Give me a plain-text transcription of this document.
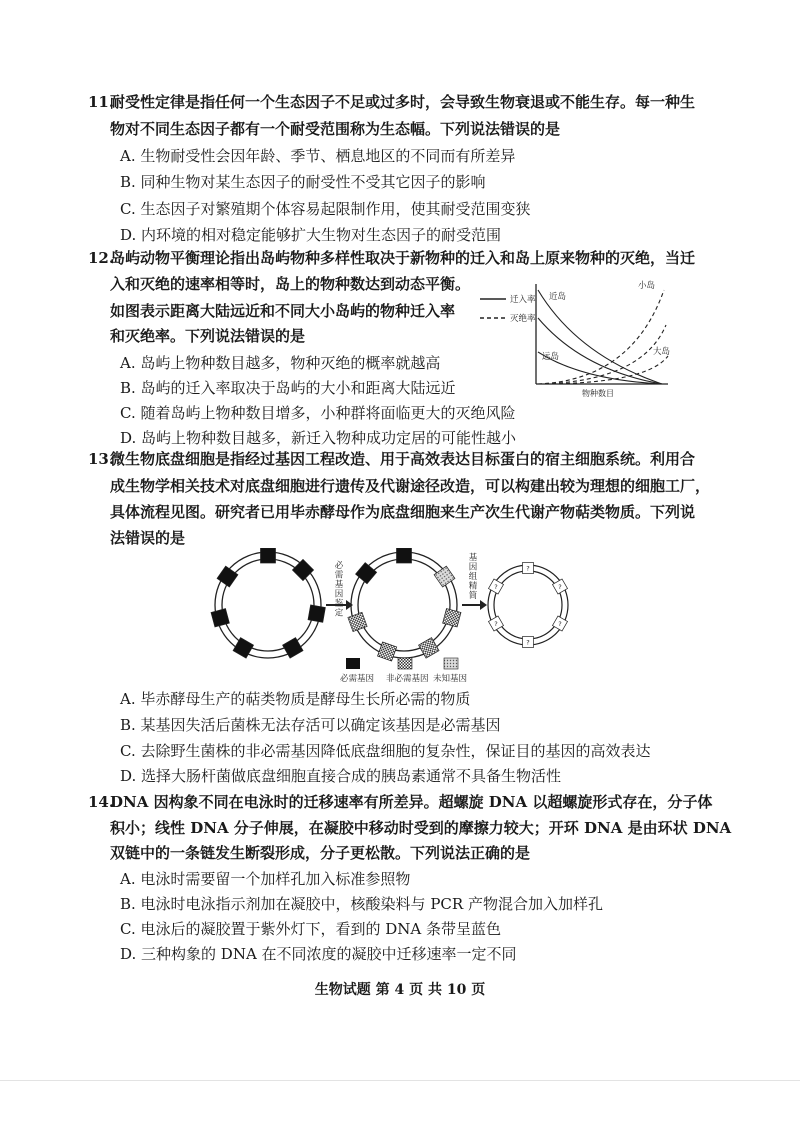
11.
耐受性定律是指任何一个生态因子不足或过多时，会导致生物衰退或不能生存。每一种生
物对不同生态因子都有一个耐受范围称为生态幅。下列说法错误的是
A. 生物耐受性会因年龄、季节、栖息地区的不同而有所差异
B. 同种生物对某生态因子的耐受性不受其它因子的影响
C. 生态因子对繁殖期个体容易起限制作用，使其耐受范围变狭
D. 内环境的相对稳定能够扩大生物对生态因子的耐受范围
12.
岛屿动物平衡理论指出岛屿物种多样性取决于新物种的迁入和岛上原来物种的灭绝，当迁
入和灭绝的速率相等时，岛上的物种数达到动态平衡。
如图表示距离大陆远近和不同大小岛屿的物种迁入率
和灭绝率。下列说法错误的是
A. 岛屿上物种数目越多，物种灭绝的概率就越高
B. 岛屿的迁入率取决于岛屿的大小和距离大陆远近
C. 随着岛屿上物种数目增多，小种群将面临更大的灭绝风险
D. 岛屿上物种数目越多，新迁入物种成功定居的可能性越小
迁入率
灭绝率
近岛
远岛
小岛
大岛
物种数目
13.
微生物底盘细胞是指经过基因工程改造、用于高效表达目标蛋白的宿主细胞系统。利用合
成生物学相关技术对底盘细胞进行遗传及代谢途径改造，可以构建出较为理想的细胞工厂，
具体流程见图。研究者已用毕赤酵母作为底盘细胞来生产次生代谢产物萜类物质。下列说
法错误的是
必
需
基
因
鉴
定
基
因
组
精
简
?
?
?
?
?
?
必需基因 非必需基因 未知基因
A. 毕赤酵母生产的萜类物质是酵母生长所必需的物质
B. 某基因失活后菌株无法存活可以确定该基因是必需基因
C. 去除野生菌株的非必需基因降低底盘细胞的复杂性，保证目的基因的高效表达
D. 选择大肠杆菌做底盘细胞直接合成的胰岛素通常不具备生物活性
14.
DNA 因构象不同在电泳时的迁移速率有所差异。超螺旋 DNA 以超螺旋形式存在，分子体
积小；线性 DNA 分子伸展，在凝胶中移动时受到的摩擦力较大；开环 DNA 是由环状 DNA
双链中的一条链发生断裂形成，分子更松散。下列说法正确的是
A. 电泳时需要留一个加样孔加入标准参照物
B. 电泳时电泳指示剂加在凝胶中，核酸染料与 PCR 产物混合加入加样孔
C. 电泳后的凝胶置于紫外灯下，看到的 DNA 条带呈蓝色
D. 三种构象的 DNA 在不同浓度的凝胶中迁移速率一定不同
生物试题 第 4 页 共 10 页
